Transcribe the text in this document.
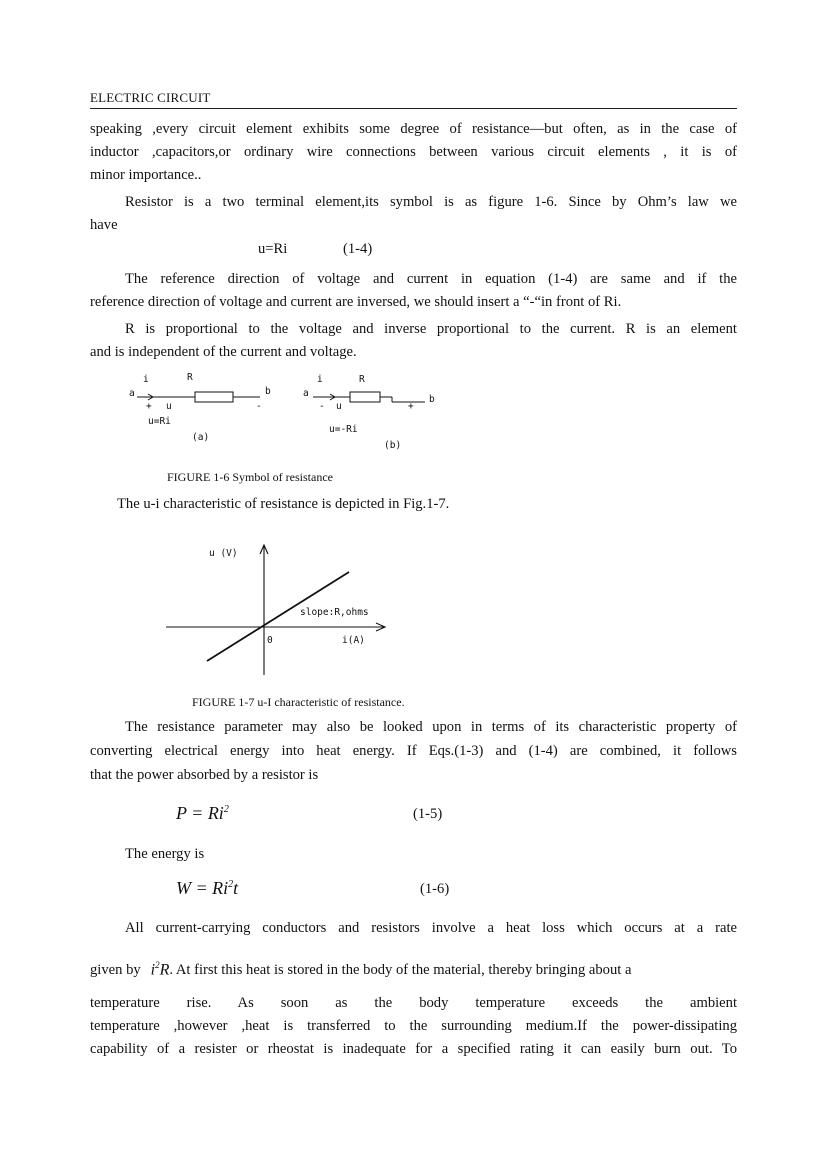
ELECTRIC CIRCUIT
speaking ,every circuit element exhibits some degree of resistance—but often, as in the case of
inductor ,capacitors,or ordinary wire connections between various circuit elements , it is of
minor importance..
Resistor is a two terminal element,its symbol is as figure 1-6. Since by Ohm’s law we
have
u=Ri	(1-4)
The reference direction of voltage and current in equation (1-4) are same and if the
reference direction of voltage and current are inversed, we should insert a “-“in front of Ri.
R is proportional to the voltage and inverse proportional to the current. R is an element
and is independent of the current and voltage.
i	R
a	b
+ u	-
u=Ri
(a)
i	R
a
b
- u	+
u=-Ri
(b)
FIGURE 1-6 Symbol of resistance
The u-i characteristic of resistance is depicted in Fig.1-7.
u (V)
slope:R,ohms
0	i(A)
FIGURE 1-7 u-I characteristic of resistance.
The resistance parameter may also be looked upon in terms of its characteristic property of
converting electrical energy into heat energy. If Eqs.(1-3) and (1-4) are combined, it follows
that the power absorbed by a resistor is
$P = Ri^2$	(1-5)
The energy is
$W = Ri^2t$	(1-6)
All current-carrying conductors and resistors involve a heat loss which occurs at a rate
given by $i^2R$ . At first this heat is stored in the body of the material, thereby bringing about a
temperature rise. As soon as the body temperature exceeds the ambient
temperature ,however ,heat is transferred to the surrounding medium.If the power-dissipating
capability of a resister or rheostat is inadequate for a specified rating it can easily burn out. To
